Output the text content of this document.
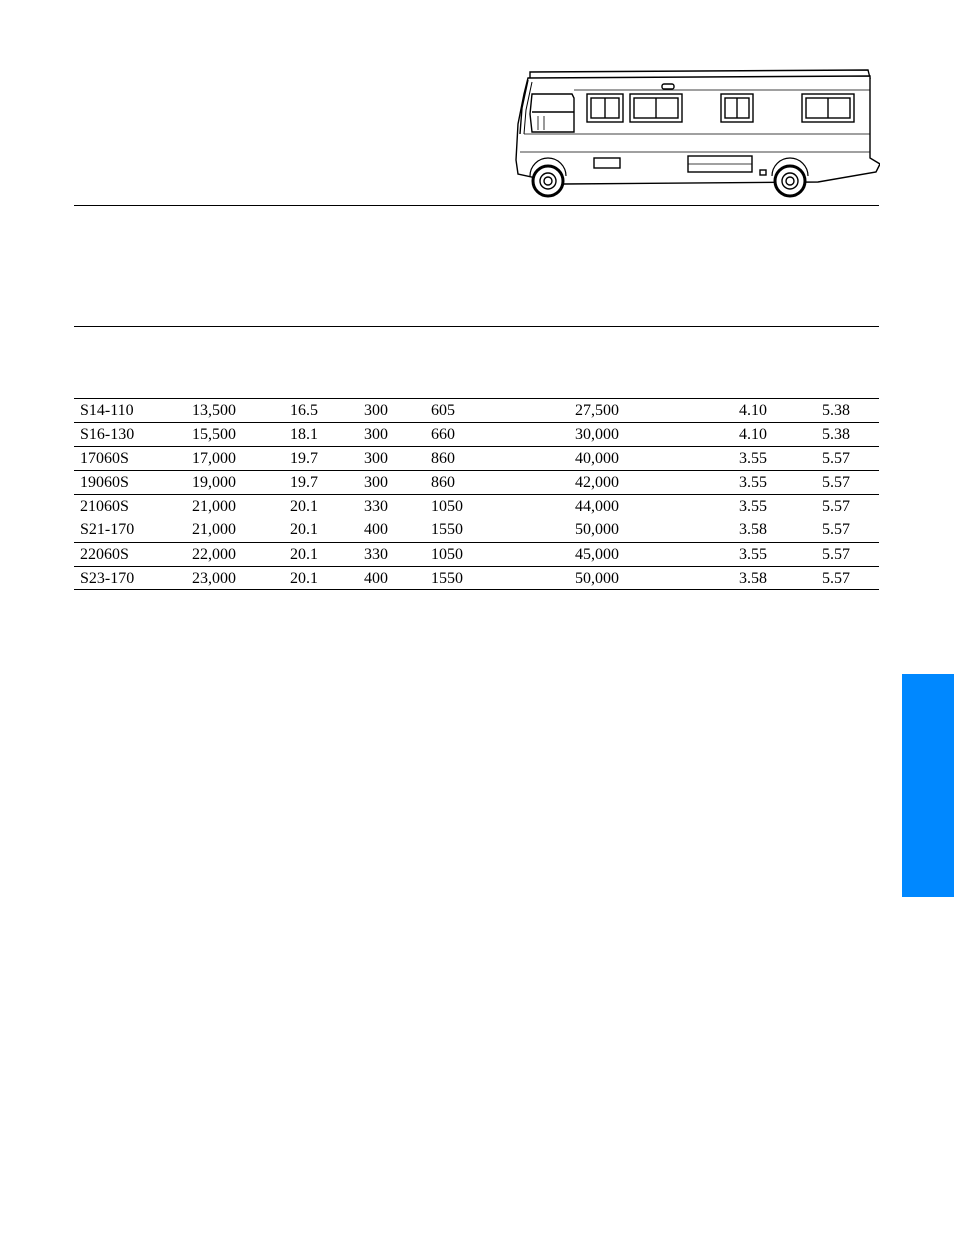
S14-110	13,500	16.5	300	605	27,500	4.10	5.38
S16-130	15,500	18.1	300	660	30,000	4.10	5.38
17060S	17,000	19.7	300	860	40,000	3.55	5.57
19060S	19,000	19.7	300	860	42,000	3.55	5.57
21060S	21,000	20.1	330	1050	44,000	3.55	5.57
S21-170	21,000	20.1	400	1550	50,000	3.58	5.57
22060S	22,000	20.1	330	1050	45,000	3.55	5.57
S23-170	23,000	20.1	400	1550	50,000	3.58	5.57
